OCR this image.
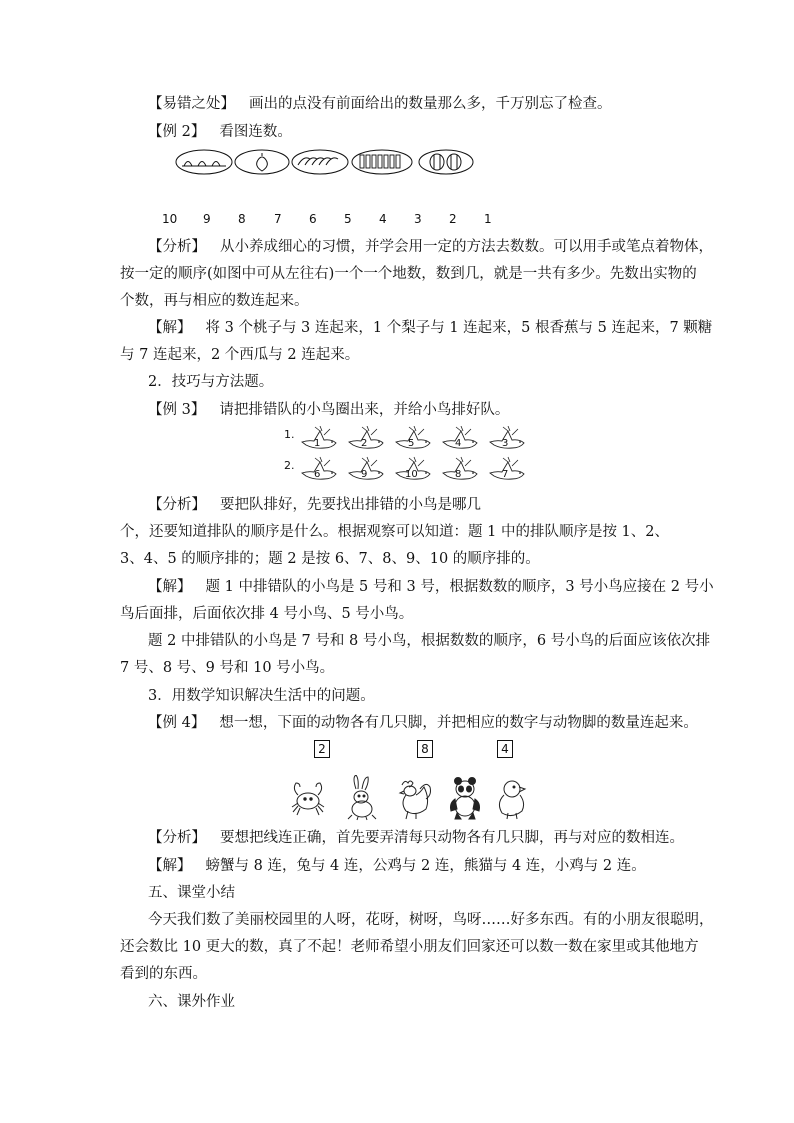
【易错之处】 画出的点没有前面给出的数量那么多，千万别忘了检查。
【例 2】 看图连数。
10 9 8 7 6 5 4 3 2 1
【分析】 从小养成细心的习惯，并学会用一定的方法去数数。可以用手或笔点着物体，
按一定的顺序(如图中可从左往右)一个一个地数，数到几，就是一共有多少。先数出实物的
个数，再与相应的数连起来。
【解】 将 3 个桃子与 3 连起来，1 个梨子与 1 连起来，5 根香蕉与 5 连起来，7 颗糖
与 7 连起来，2 个西瓜与 2 连起来。
2．技巧与方法题。
【例 3】 请把排错队的小鸟圈出来，并给小鸟排好队。
1.
2.
1	2	5	4	3
6	9	10	8	7
【分析】 要把队排好，先要找出排错的小鸟是哪几
个，还要知道排队的顺序是什么。根据观察可以知道：题 1 中的排队顺序是按 1、2、
3、4、5 的顺序排的；题 2 是按 6、7、8、9、10 的顺序排的。
【解】 题 1 中排错队的小鸟是 5 号和 3 号，根据数数的顺序，3 号小鸟应接在 2 号小
鸟后面排，后面依次排 4 号小鸟、5 号小鸟。
题 2 中排错队的小鸟是 7 号和 8 号小鸟，根据数数的顺序，6 号小鸟的后面应该依次排
7 号、8 号、9 号和 10 号小鸟。
3．用数学知识解决生活中的问题。
【例 4】 想一想，下面的动物各有几只脚，并把相应的数字与动物脚的数量连起来。
2	8	4
【分析】 要想把线连正确，首先要弄清每只动物各有几只脚，再与对应的数相连。
【解】 螃蟹与 8 连，兔与 4 连，公鸡与 2 连，熊猫与 4 连，小鸡与 2 连。
五、课堂小结
今天我们数了美丽校园里的人呀，花呀，树呀，鸟呀……好多东西。有的小朋友很聪明，
还会数比 10 更大的数，真了不起！老师希望小朋友们回家还可以数一数在家里或其他地方
看到的东西。
六、课外作业
